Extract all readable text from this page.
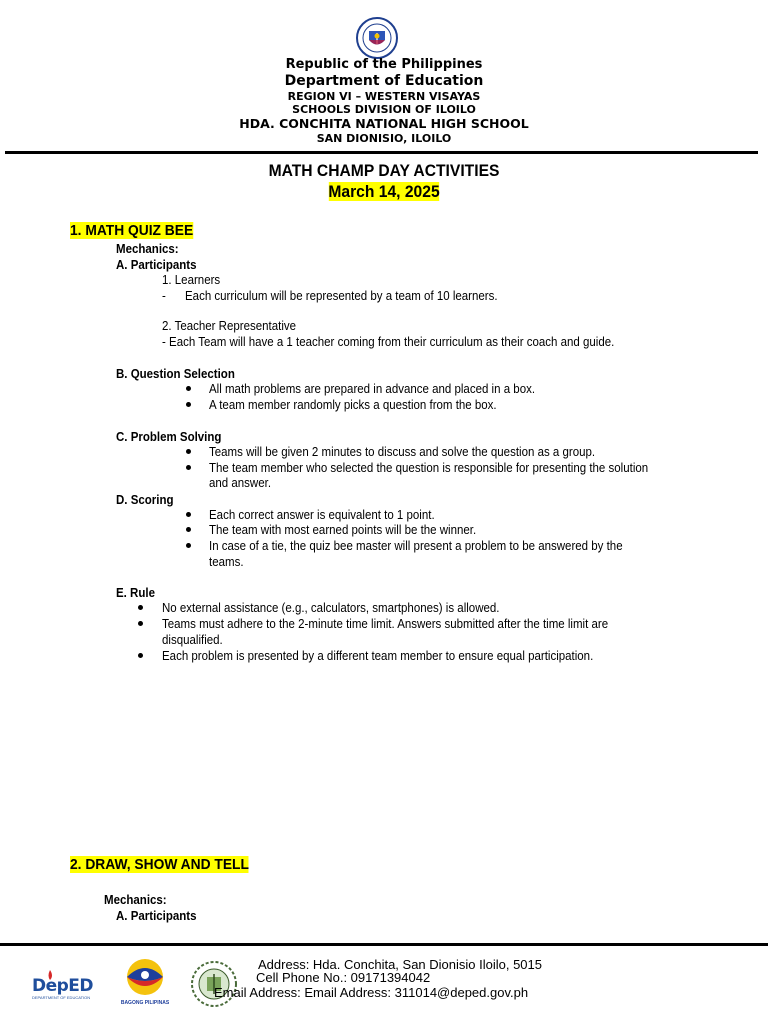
Republic of the Philippines
Department of Education
REGION VI – WESTERN VISAYAS
SCHOOLS DIVISION OF ILOILO
HDA. CONCHITA NATIONAL HIGH SCHOOL
SAN DIONISIO, ILOILO
MATH CHAMP DAY ACTIVITIES
March 14, 2025
1. MATH QUIZ BEE
Mechanics:
A. Participants
1. Learners
- Each curriculum will be represented by a team of 10 learners.
2. Teacher Representative
- Each Team will have a 1 teacher coming from their curriculum as their coach and guide.
B. Question Selection
All math problems are prepared in advance and placed in a box.
A team member randomly picks a question from the box.
C. Problem Solving
Teams will be given 2 minutes to discuss and solve the question as a group.
The team member who selected the question is responsible for presenting the solution
and answer.
D. Scoring
Each correct answer is equivalent to 1 point.
The team with most earned points will be the winner.
In case of a tie, the quiz bee master will present a problem to be answered by the
teams.
E. Rule
No external assistance (e.g., calculators, smartphones) is allowed.
Teams must adhere to the 2-minute time limit. Answers submitted after the time limit are
disqualified.
Each problem is presented by a different team member to ensure equal participation.
2. DRAW, SHOW AND TELL
Mechanics:
A. Participants
DepED
DEPARTMENT OF EDUCATION
BAGONG PILIPINAS
Address: Hda. Conchita, San Dionisio Iloilo, 5015
Cell Phone No.: 09171394042
Email Address: Email Address: 311014@deped.gov.ph
